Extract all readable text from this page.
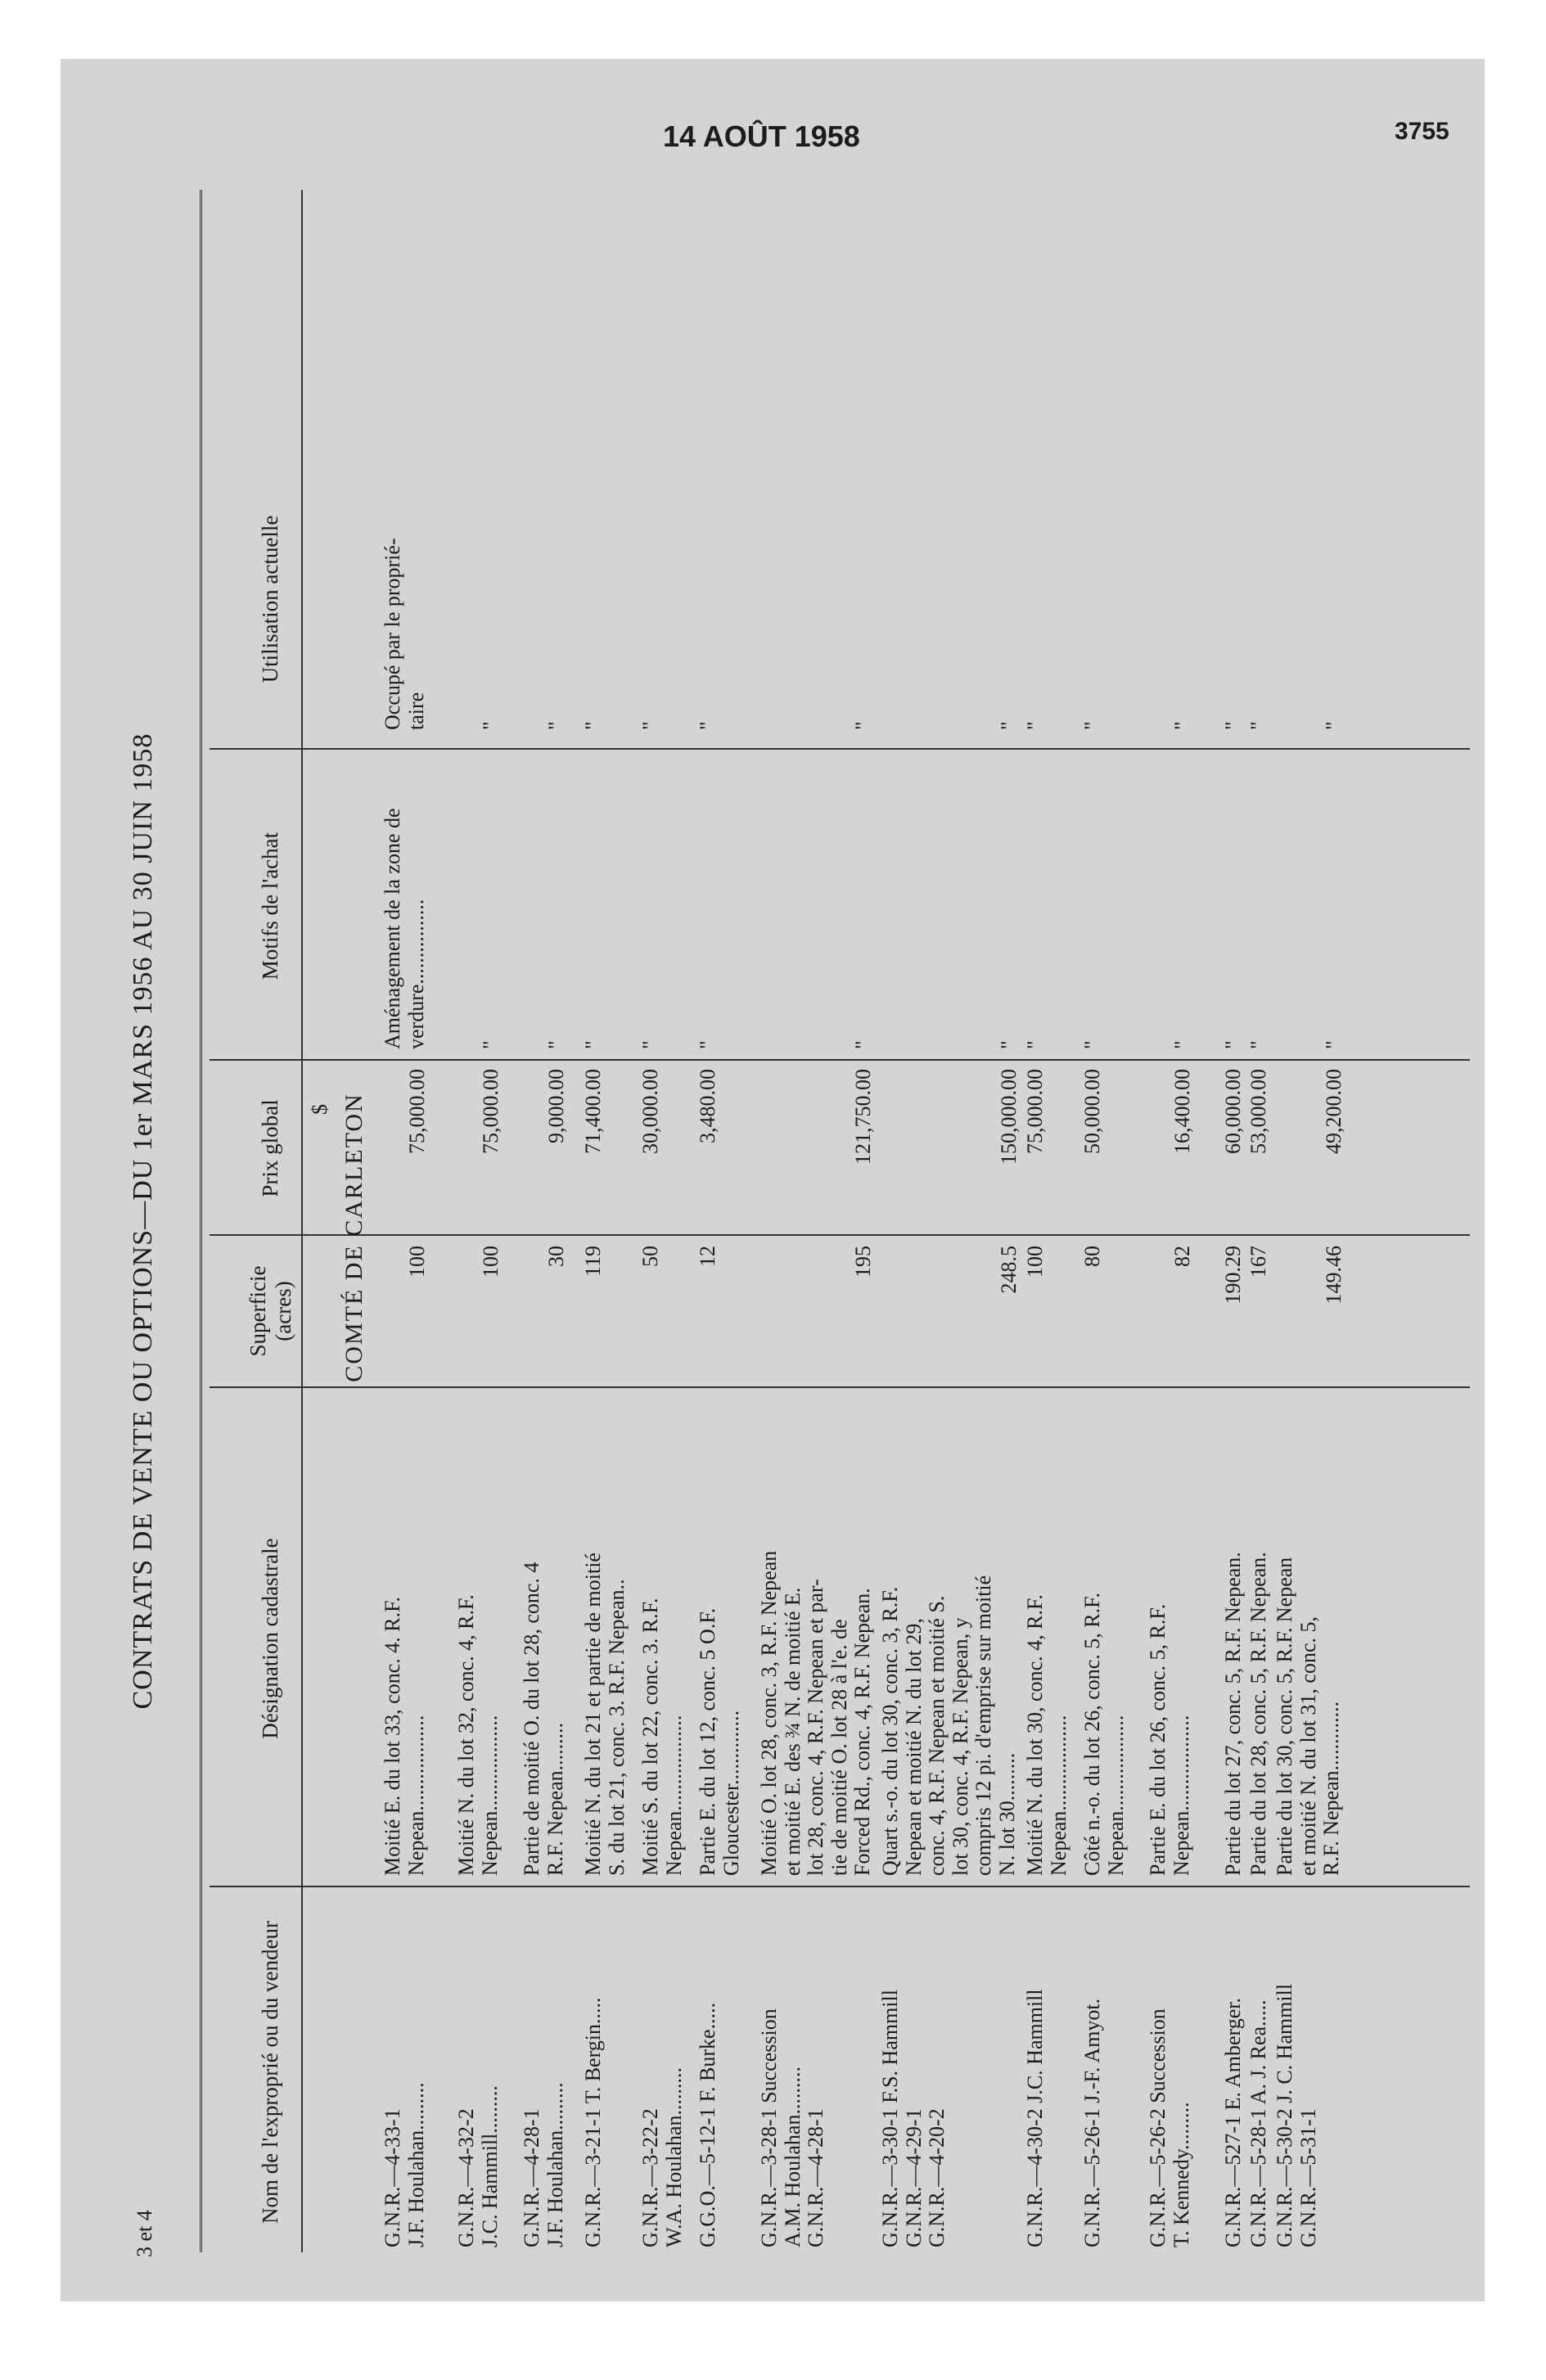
14 AOÛT 1958	3755
3 et 4
CONTRATS DE VENTE OU OPTIONS—DU 1er MARS 1956 AU 30 JUIN 1958
Nom de l'exproprié ou du vendeur
Désignation cadastrale
Superficie (acres)
Prix global
Motifs de l'achat
Utilisation actuelle
$ COMTÉ DE CARLETON
G.N.R.—4-33-1
J.F. Houlahan.........
Moitié E. du lot 33, conc. 4. R.F.
Nepean..................
100
75,000.00
Aménagement de la zone de
verdure................
Occupé par le proprié-
taire
G.N.R.—4-32-2
J.C. Hammill.........
Moitié N. du lot 32, conc. 4, R.F.
Nepean..................
100
75,000.00
"
"
G.N.R.—4-28-1
J.F. Houlahan.........
Partie de moitié O. du lot 28, conc. 4
R.F. Nepean.........
30
9,000.00
"
"
G.N.R.—3-21-1 T. Bergin.....
Moitié N. du lot 21 et partie de moitié
S. du lot 21, conc. 3. R.F. Nepean..
119
71,400.00
"
"
G.N.R.—3-22-2
W.A. Houlahan.........
Moitié S. du lot 22, conc. 3. R.F.
Nepean..................
50
30,000.00
"
"
G.G.O.—5-12-1 F. Burke.....
Partie E. du lot 12, conc. 5 O.F.
Gloucester..............
12
3,480.00
"
"
G.N.R.—3-28-1 Succession
A.M. Houlahan.........
G.N.R.—4-28-1
Moitié O. lot 28, conc. 3, R.F. Nepean
et moitié E. des ¾ N. de moitié E.
lot 28, conc. 4, R.F. Nepean et par-
tie de moitié O. lot 28 à l'e. de
Forced Rd., conc. 4, R.F. Nepean.
195
121,750.00
"
"
G.N.R.—3-30-1 F.S. Hammill
G.N.R.—4-29-1
G.N.R.—4-20-2
Quart s.-o. du lot 30, conc. 3, R.F.
Nepean et moitié N. du lot 29,
conc. 4, R.F. Nepean et moitié S.
lot 30, conc. 4, R.F. Nepean, y
compris 12 pi. d'emprise sur moitié
N. lot 30.........
248.5
150,000.00
"
"
G.N.R.—4-30-2 J.C. Hammill
Moitié N. du lot 30, conc. 4, R.F.
Nepean..................
100
75,000.00
"
"
G.N.R.—5-26-1 J.-F. Amyot.
Côté n.-o. du lot 26, conc. 5, R.F.
Nepean..................
80
50,000.00
"
"
G.N.R.—5-26-2 Succession
T. Kennedy.........
Partie E. du lot 26, conc. 5, R.F.
Nepean..................
82
16,400.00
"
"
G.N.R.—527-1 E. Amberger.
Partie du lot 27, conc. 5, R.F. Nepean.
190.29
60,000.00
"
"
G.N.R.—5-28-1 A. J. Rea.....
Partie du lot 28, conc. 5, R.F. Nepean.
167
53,000.00
"
"
G.N.R.—5-30-2 J. C. Hammill
G.N.R.—5-31-1
Partie du lot 30, conc. 5, R.F. Nepean
et moitié N. du lot 31, conc. 5,
R.F. Nepean.............
149.46
49,200.00
"
"
